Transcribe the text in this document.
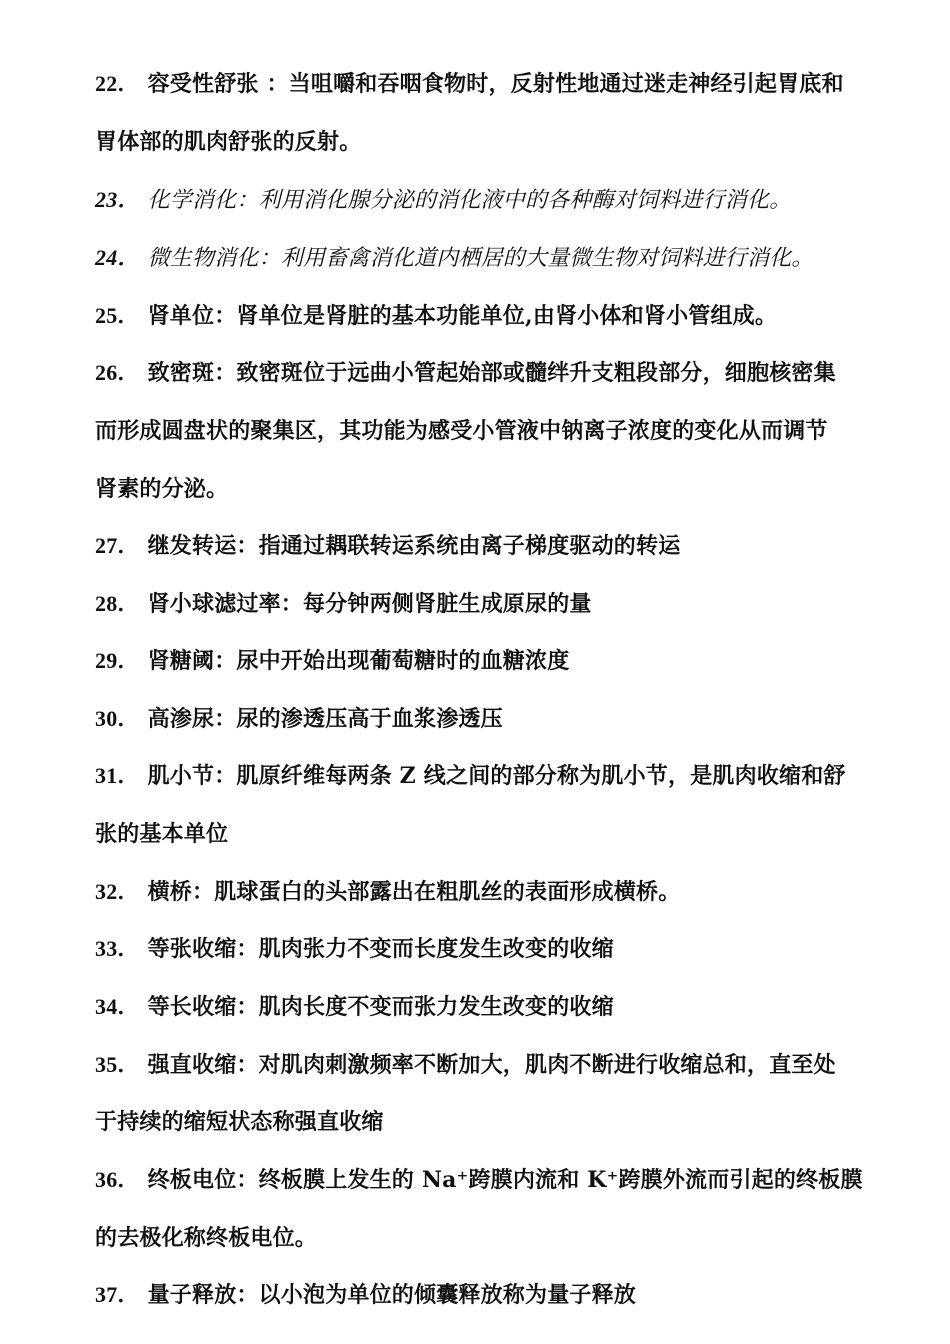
22． 容受性舒张 ：当咀嚼和吞咽食物时，反射性地通过迷走神经引起胃底和
胃体部的肌肉舒张的反射。
23． 化学消化：利用消化腺分泌的消化液中的各种酶对饲料进行消化。
24． 微生物消化：利用畜禽消化道内栖居的大量微生物对饲料进行消化。
25． 肾单位：肾单位是肾脏的基本功能单位,由肾小体和肾小管组成。
26． 致密斑：致密斑位于远曲小管起始部或髓绊升支粗段部分，细胞核密集
而形成圆盘状的聚集区，其功能为感受小管液中钠离子浓度的变化从而调节
肾素的分泌。
27． 继发转运：指通过耦联转运系统由离子梯度驱动的转运
28． 肾小球滤过率：每分钟两侧肾脏生成原尿的量
29． 肾糖阈：尿中开始出现葡萄糖时的血糖浓度
30． 高渗尿：尿的渗透压高于血浆渗透压
31． 肌小节：肌原纤维每两条 Z 线之间的部分称为肌小节，是肌肉收缩和舒
张的基本单位
32． 横桥：肌球蛋白的头部露出在粗肌丝的表面形成横桥。
33． 等张收缩：肌肉张力不变而长度发生改变的收缩
34． 等长收缩：肌肉长度不变而张力发生改变的收缩
35． 强直收缩：对肌肉刺激频率不断加大，肌肉不断进行收缩总和，直至处
于持续的缩短状态称强直收缩
36． 终板电位：终板膜上发生的 Na⁺跨膜内流和 K⁺跨膜外流而引起的终板膜
的去极化称终板电位。
37． 量子释放：以小泡为单位的倾囊释放称为量子释放
